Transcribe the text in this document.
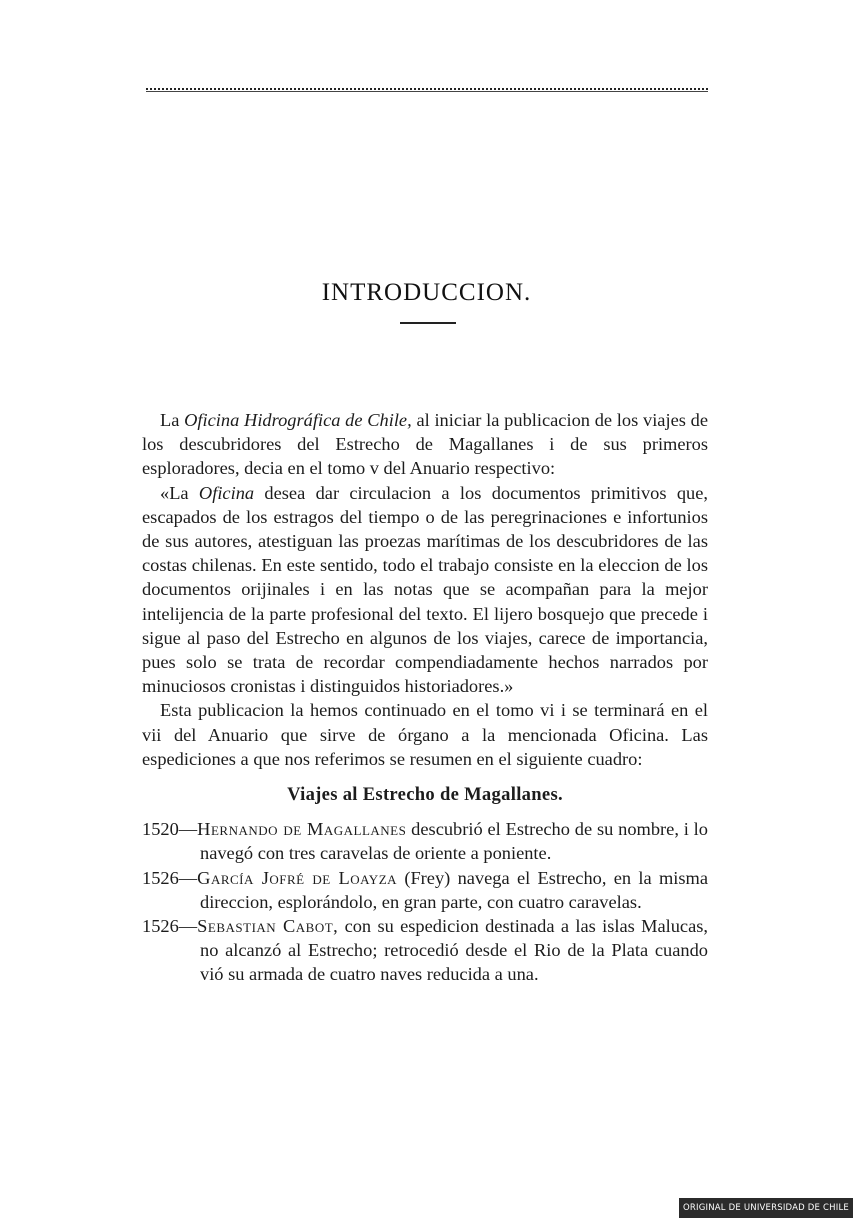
INTRODUCCION.

La Oficina Hidrográfica de Chile, al iniciar la publicacion de los viajes de los descubridores del Estrecho de Magallanes i de sus primeros esploradores, decia en el tomo v del Anuario respectivo:

«La Oficina desea dar circulacion a los documentos primitivos que, escapados de los estragos del tiempo o de las peregrinaciones e infortunios de sus autores, atestiguan las proezas marítimas de los descubridores de las costas chilenas. En este sentido, todo el trabajo consiste en la eleccion de los documentos orijinales i en las notas que se acompañan para la mejor intelijencia de la parte profesional del texto. El lijero bosquejo que precede i sigue al paso del Estrecho en algunos de los viajes, carece de importancia, pues solo se trata de recordar compendiadamente hechos narrados por minuciosos cronistas i distinguidos historiadores.»

Esta publicacion la hemos continuado en el tomo vi i se terminará en el vii del Anuario que sirve de órgano a la mencionada Oficina. Las espediciones a que nos referimos se resumen en el siguiente cuadro:

Viajes al Estrecho de Magallanes.

1520—Hernando de Magallanes descubrió el Estrecho de su nombre, i lo navegó con tres caravelas de oriente a poniente.

1526—García Jofré de Loayza (Frey) navega el Estrecho, en la misma direccion, esplorándolo, en gran parte, con cuatro caravelas.

1526—Sebastian Cabot, con su espedicion destinada a las islas Malucas, no alcanzó al Estrecho; retrocedió desde el Rio de la Plata cuando vió su armada de cuatro naves reducida a una.

ORIGINAL DE UNIVERSIDAD DE CHILE
